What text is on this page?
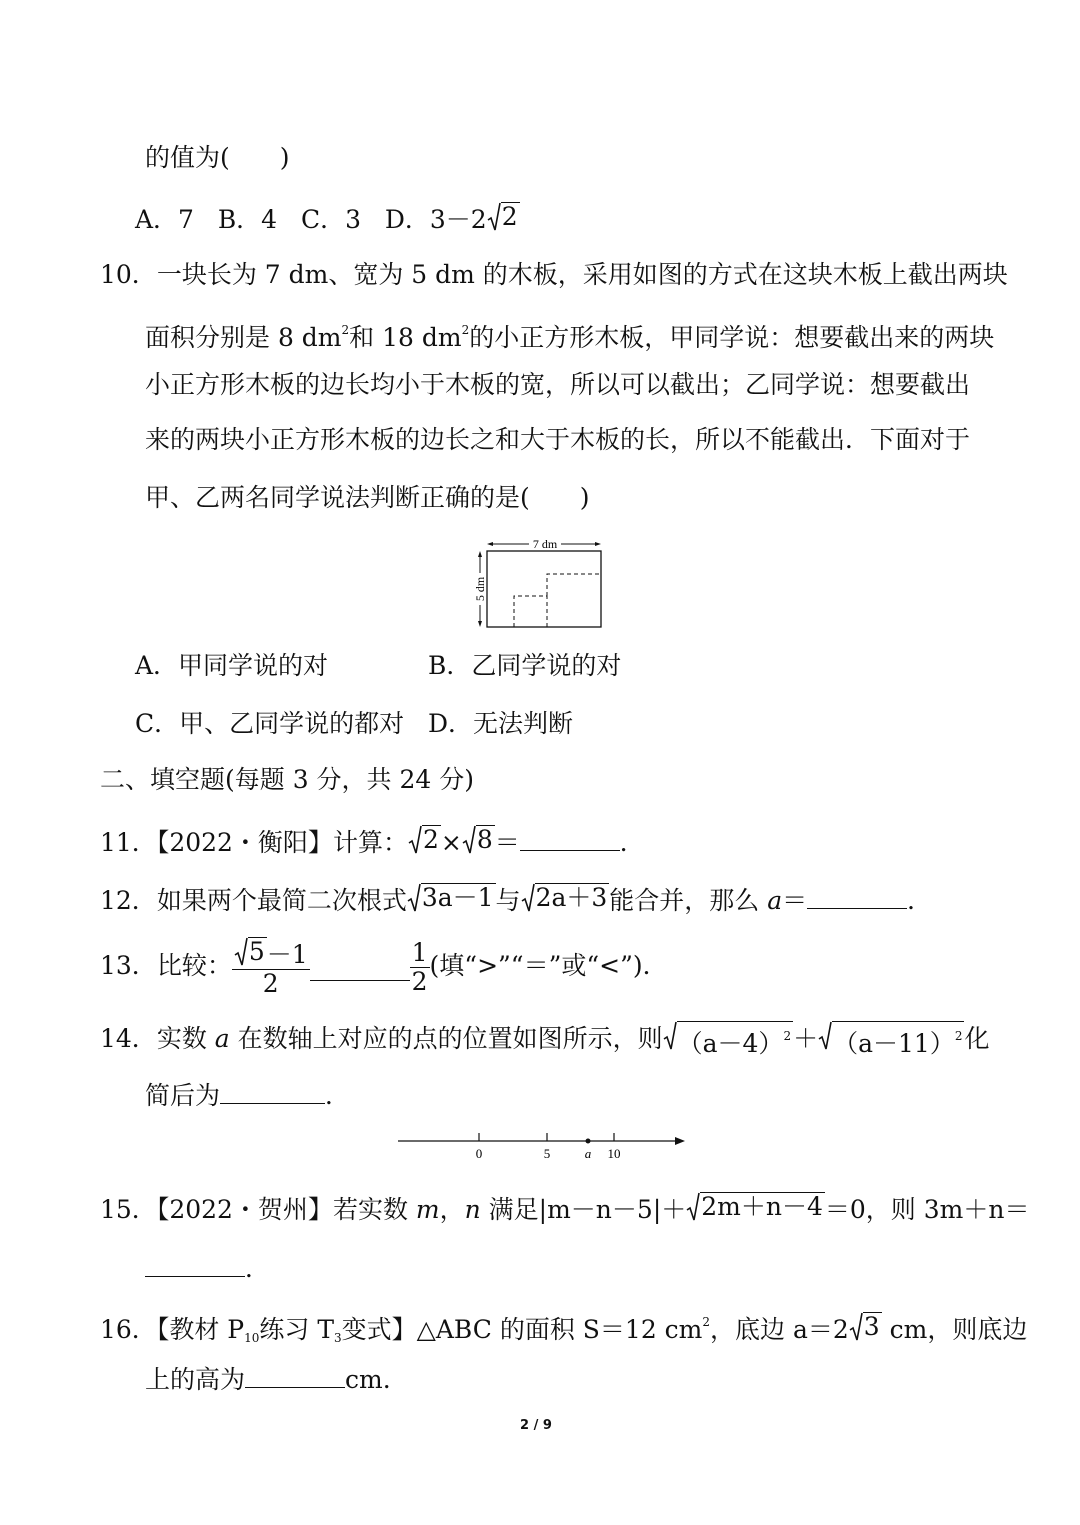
的值为(　　)
A．7 B．4 C．3 D．3－2 2
10．一块长为 7 dm、宽为 5 dm 的木板，采用如图的方式在这块木板上截出两块
面积分别是 8 $dm^2$和 18 $dm^2$的小正方形木板，甲同学说：想要截出来的两块
小正方形木板的边长均小于木板的宽，所以可以截出；乙同学说：想要截出
来的两块小正方形木板的边长之和大于木板的长，所以不能截出．下面对于
甲、乙两名同学说法判断正确的是(　　)
7 dm
5 dm
A．甲同学说的对	B．乙同学说的对
C．甲、乙同学说的都对 D．无法判断
二、填空题(每题 3 分，共 24 分)
11．【2022・衡阳】计算： 2 × 8 ＝	．
12．如果两个最简二次根式 3a－1 与 2a＋3 能合并，那么 a＝	．
13．比较： $\frac{5 -1}{2}$	$\frac{1}{2}$ (填“>”“＝”或“<”)．
14．实数 a 在数轴上对应的点的位置如图所示，则 $(a-4)^2 + (a-11)^2$ 化
简后为	．
0	5	a 10
15．【2022・贺州】若实数 m，n 满足|m－n－5|＋ 2m＋n－4 ＝0，则 3m＋n＝
．
16．【教材 $P_{10}$练习 $T_3$变式】△ABC 的面积 S＝12 $cm^2$，底边 a＝2 3 cm，则底边
上的高为	cm.
2 / 9
